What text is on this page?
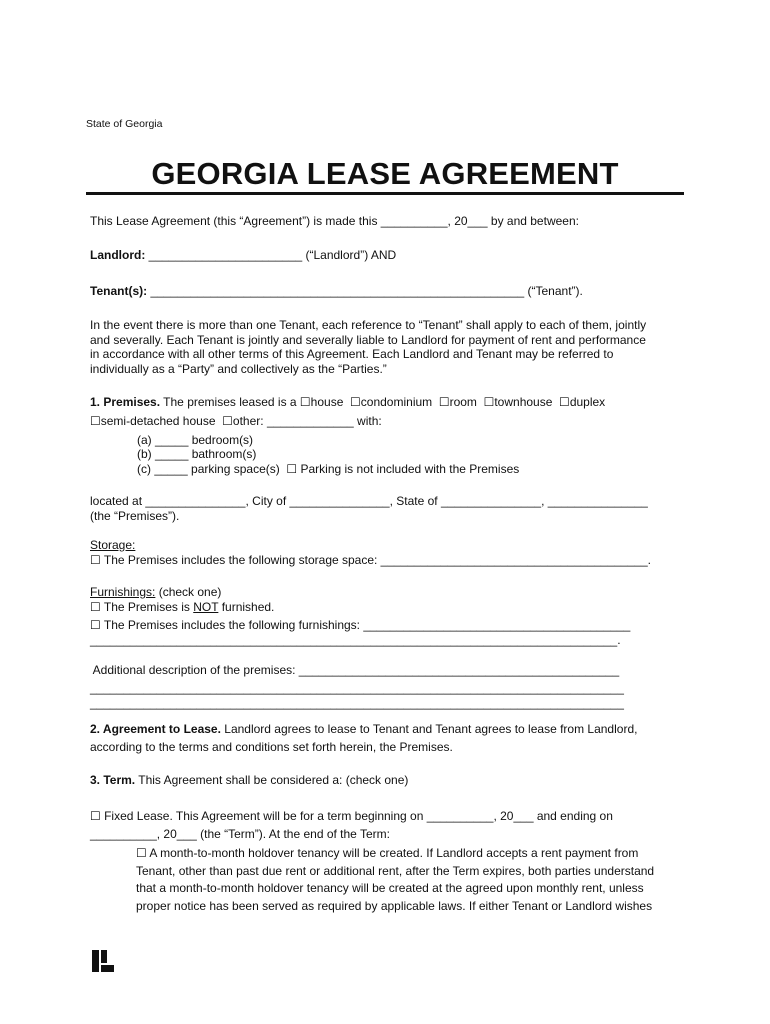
State of Georgia
GEORGIA LEASE AGREEMENT
This Lease Agreement (this “Agreement”) is made this __________, 20___ by and between:
Landlord: _______________________ (“Landlord”) AND
Tenant(s): ________________________________________________________ (“Tenant”).
In the event there is more than one Tenant, each reference to “Tenant” shall apply to each of them, jointly
and severally. Each Tenant is jointly and severally liable to Landlord for payment of rent and performance
in accordance with all other terms of this Agreement. Each Landlord and Tenant may be referred to
individually as a “Party” and collectively as the “Parties.”
1. Premises. The premises leased is a ☐house  ☐condominium  ☐room  ☐townhouse  ☐duplex
☐semi-detached house  ☐other: _____________ with:
(a) _____ bedroom(s)
(b) _____ bathroom(s)
(c) _____ parking space(s)  ☐ Parking is not included with the Premises
located at _______________, City of _______________, State of _______________, _______________
(the “Premises”).
Storage:
☐ The Premises includes the following storage space: ________________________________________.
Furnishings: (check one)
☐ The Premises is NOT furnished.
☐ The Premises includes the following furnishings: ________________________________________
_______________________________________________________________________________.
Additional description of the premises: ________________________________________________
________________________________________________________________________________
________________________________________________________________________________
2. Agreement to Lease. Landlord agrees to lease to Tenant and Tenant agrees to lease from Landlord,
according to the terms and conditions set forth herein, the Premises.
3. Term. This Agreement shall be considered a: (check one)
☐ Fixed Lease. This Agreement will be for a term beginning on __________, 20___ and ending on
__________, 20___ (the “Term”). At the end of the Term:
☐ A month-to-month holdover tenancy will be created. If Landlord accepts a rent payment from
Tenant, other than past due rent or additional rent, after the Term expires, both parties understand
that a month-to-month holdover tenancy will be created at the agreed upon monthly rent, unless
proper notice has been served as required by applicable laws. If either Tenant or Landlord wishes
